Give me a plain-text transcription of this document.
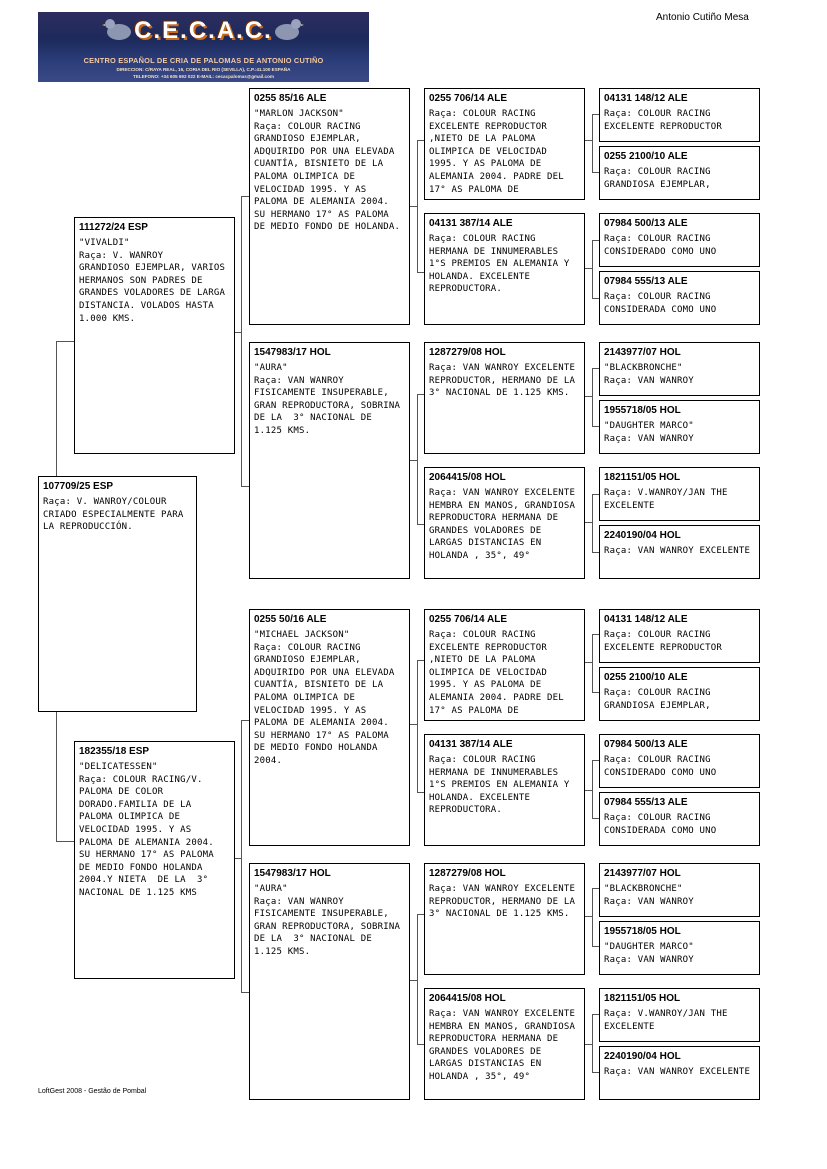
C.E.C.A.C.
CENTRO ESPAÑOL DE CRIA DE PALOMAS DE ANTONIO CUTIÑO
DIRECCION: C/RAYA REAL, 16, CORIA DEL RIO (SEVILLA), C.P.:41.100 ESPAÑA
TELEFONO: +34 605 692 022 E-MAIL: cecacpalomas@gmail.com
Antonio Cutiño Mesa
107709/25 ESP
Raça: V. WANROY/COLOUR CRIADO ESPECIALMENTE PARA LA REPRODUCCIÓN.
111272/24 ESP
"VIVALDI"
Raça: V. WANROY
GRANDIOSO EJEMPLAR, VARIOS HERMANOS SON PADRES DE GRANDES VOLADORES DE LARGA DISTANCIA. VOLADOS HASTA 1.000 KMS.
182355/18 ESP
"DELICATESSEN"
Raça: COLOUR RACING/V. PALOMA DE COLOR DORADO.FAMILIA DE LA PALOMA OLIMPICA DE VELOCIDAD 1995. Y AS PALOMA DE ALEMANIA 2004. SU HERMANO 17° AS PALOMA DE MEDIO FONDO HOLANDA 2004.Y NIETA  DE LA  3° NACIONAL DE 1.125 KMS
0255 85/16 ALE
"MARLON JACKSON"
Raça: COLOUR RACING GRANDIOSO EJEMPLAR, ADQUIRIDO POR UNA ELEVADA CUANTÍA, BISNIETO DE LA PALOMA OLIMPICA DE VELOCIDAD 1995. Y AS PALOMA DE ALEMANIA 2004. SU HERMANO 17° AS PALOMA DE MEDIO FONDO DE HOLANDA.
1547983/17 HOL
"AURA"
Raça: VAN WANROY FISICAMENTE INSUPERABLE, GRAN REPRODUCTORA, SOBRINA DE LA  3° NACIONAL DE 1.125 KMS.
0255 50/16 ALE
"MICHAEL JACKSON"
Raça: COLOUR RACING GRANDIOSO EJEMPLAR, ADQUIRIDO POR UNA ELEVADA CUANTÍA, BISNIETO DE LA PALOMA OLIMPICA DE VELOCIDAD 1995. Y AS PALOMA DE ALEMANIA 2004. SU HERMANO 17° AS PALOMA DE MEDIO FONDO HOLANDA 2004.
1547983/17 HOL
"AURA"
Raça: VAN WANROY FISICAMENTE INSUPERABLE, GRAN REPRODUCTORA, SOBRINA DE LA  3° NACIONAL DE 1.125 KMS.
0255 706/14 ALE
Raça: COLOUR RACING EXCELENTE REPRODUCTOR ,NIETO DE LA PALOMA OLIMPICA DE VELOCIDAD 1995. Y AS PALOMA DE ALEMANIA 2004. PADRE DEL  17° AS PALOMA DE
04131 387/14 ALE
Raça: COLOUR RACING HERMANA DE INNUMERABLES 1°S PREMIOS EN ALEMANIA Y HOLANDA. EXCELENTE REPRODUCTORA.
1287279/08 HOL
Raça: VAN WANROY EXCELENTE REPRODUCTOR, HERMANO DE LA 3° NACIONAL DE 1.125 KMS.
2064415/08 HOL
Raça: VAN WANROY EXCELENTE HEMBRA EN MANOS, GRANDIOSA REPRODUCTORA HERMANA DE GRANDES VOLADORES DE LARGAS DISTANCIAS EN HOLANDA , 35°, 49°
0255 706/14 ALE
Raça: COLOUR RACING EXCELENTE REPRODUCTOR ,NIETO DE LA PALOMA OLIMPICA DE VELOCIDAD 1995. Y AS PALOMA DE ALEMANIA 2004. PADRE DEL  17° AS PALOMA DE
04131 387/14 ALE
Raça: COLOUR RACING HERMANA DE INNUMERABLES 1°S PREMIOS EN ALEMANIA Y HOLANDA. EXCELENTE REPRODUCTORA.
1287279/08 HOL
Raça: VAN WANROY EXCELENTE REPRODUCTOR, HERMANO DE LA 3° NACIONAL DE 1.125 KMS.
2064415/08 HOL
Raça: VAN WANROY EXCELENTE HEMBRA EN MANOS, GRANDIOSA REPRODUCTORA HERMANA DE GRANDES VOLADORES DE LARGAS DISTANCIAS EN HOLANDA , 35°, 49°
04131 148/12 ALE
Raça: COLOUR RACING EXCELENTE REPRODUCTOR
0255 2100/10 ALE
Raça: COLOUR RACING GRANDIOSA EJEMPLAR,
07984 500/13 ALE
Raça: COLOUR RACING CONSIDERADO COMO UNO
07984 555/13 ALE
Raça: COLOUR RACING CONSIDERADA COMO UNO
2143977/07 HOL
"BLACKBRONCHE"
Raça: VAN WANROY
1955718/05 HOL
"DAUGHTER MARCO"
Raça: VAN WANROY
1821151/05 HOL
Raça: V.WANROY/JAN THE EXCELENTE
2240190/04 HOL
Raça: VAN WANROY EXCELENTE
04131 148/12 ALE
Raça: COLOUR RACING EXCELENTE REPRODUCTOR
0255 2100/10 ALE
Raça: COLOUR RACING GRANDIOSA EJEMPLAR,
07984 500/13 ALE
Raça: COLOUR RACING CONSIDERADO COMO UNO
07984 555/13 ALE
Raça: COLOUR RACING CONSIDERADA COMO UNO
2143977/07 HOL
"BLACKBRONCHE"
Raça: VAN WANROY
1955718/05 HOL
"DAUGHTER MARCO"
Raça: VAN WANROY
1821151/05 HOL
Raça: V.WANROY/JAN THE EXCELENTE
2240190/04 HOL
Raça: VAN WANROY EXCELENTE
LoftGest 2008 - Gestão de Pombal
